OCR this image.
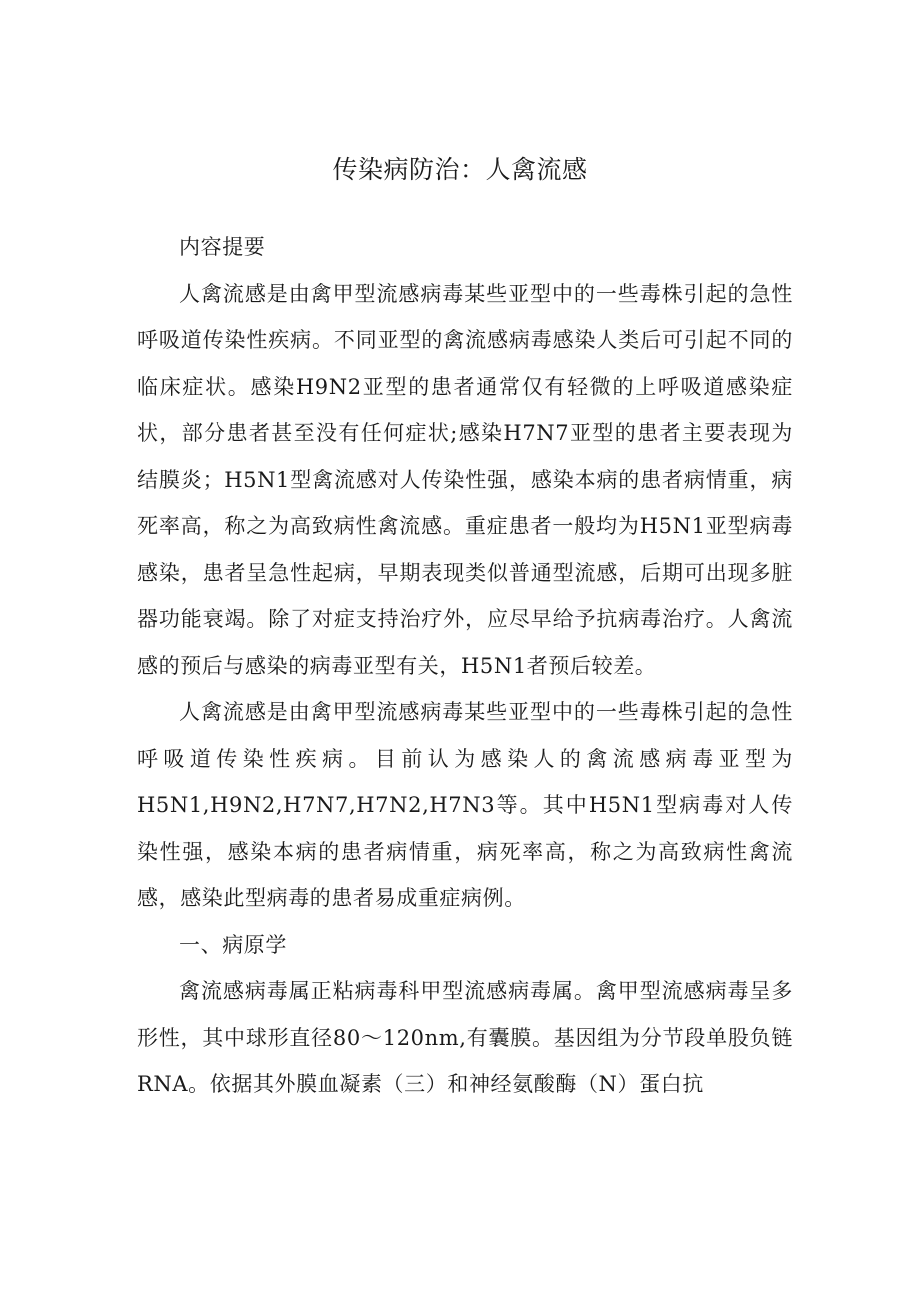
传染病防治：人禽流感

内容提要

人禽流感是由禽甲型流感病毒某些亚型中的一些毒株引起的急性呼吸道传染性疾病。不同亚型的禽流感病毒感染人类后可引起不同的临床症状。感染H9N2亚型的患者通常仅有轻微的上呼吸道感染症状，部分患者甚至没有任何症状;感染H7N7亚型的患者主要表现为结膜炎；H5N1型禽流感对人传染性强，感染本病的患者病情重，病死率高，称之为高致病性禽流感。重症患者一般均为H5N1亚型病毒感染，患者呈急性起病，早期表现类似普通型流感，后期可出现多脏器功能衰竭。除了对症支持治疗外，应尽早给予抗病毒治疗。人禽流感的预后与感染的病毒亚型有关，H5N1者预后较差。

人禽流感是由禽甲型流感病毒某些亚型中的一些毒株引起的急性呼吸道传染性疾病。目前认为感染人的禽流感病毒亚型为H5N1,H9N2,H7N7,H7N2,H7N3等。其中H5N1型病毒对人传染性强，感染本病的患者病情重，病死率高，称之为高致病性禽流感，感染此型病毒的患者易成重症病例。

一、病原学

禽流感病毒属正粘病毒科甲型流感病毒属。禽甲型流感病毒呈多形性，其中球形直径80～120nm,有囊膜。基因组为分节段单股负链RNA。依据其外膜血凝素（三）和神经氨酸酶（N）蛋白抗
